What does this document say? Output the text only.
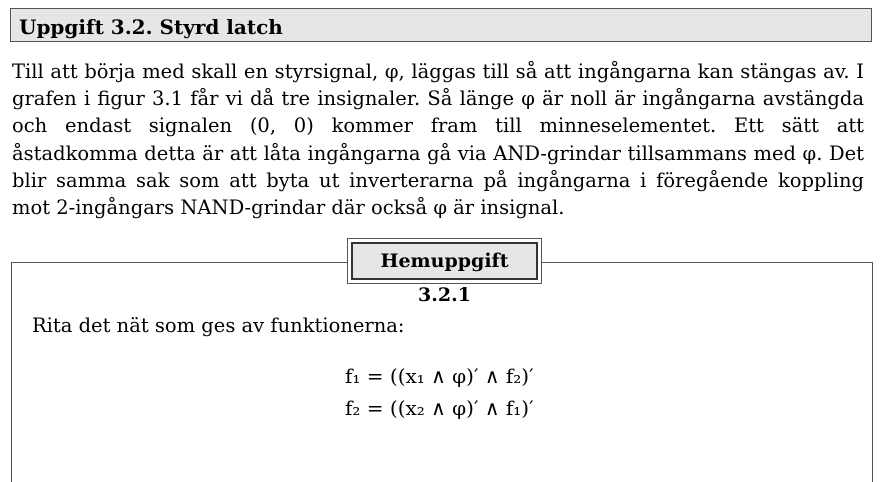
Uppgift 3.2. Styrd latch

Till att börja med skall en styrsignal, φ, läggas till så att ingångarna kan stängas av. I grafen i figur 3.1 får vi då tre insignaler. Så länge φ är noll är ingångarna avstängda och endast signalen (0, 0) kommer fram till minneselementet. Ett sätt att åstadkomma detta är att låta ingångarna gå via AND-grindar tillsammans med φ. Det blir samma sak som att byta ut inverterarna på ingångarna i föregående koppling mot 2-ingångars NAND-grindar där också φ är insignal.

Hemuppgift 3.2.1

Rita det nät som ges av funktionerna:

f₁ = ((x₁ ∧ φ)′ ∧ f₂)′

f₂ = ((x₂ ∧ φ)′ ∧ f₁)′
